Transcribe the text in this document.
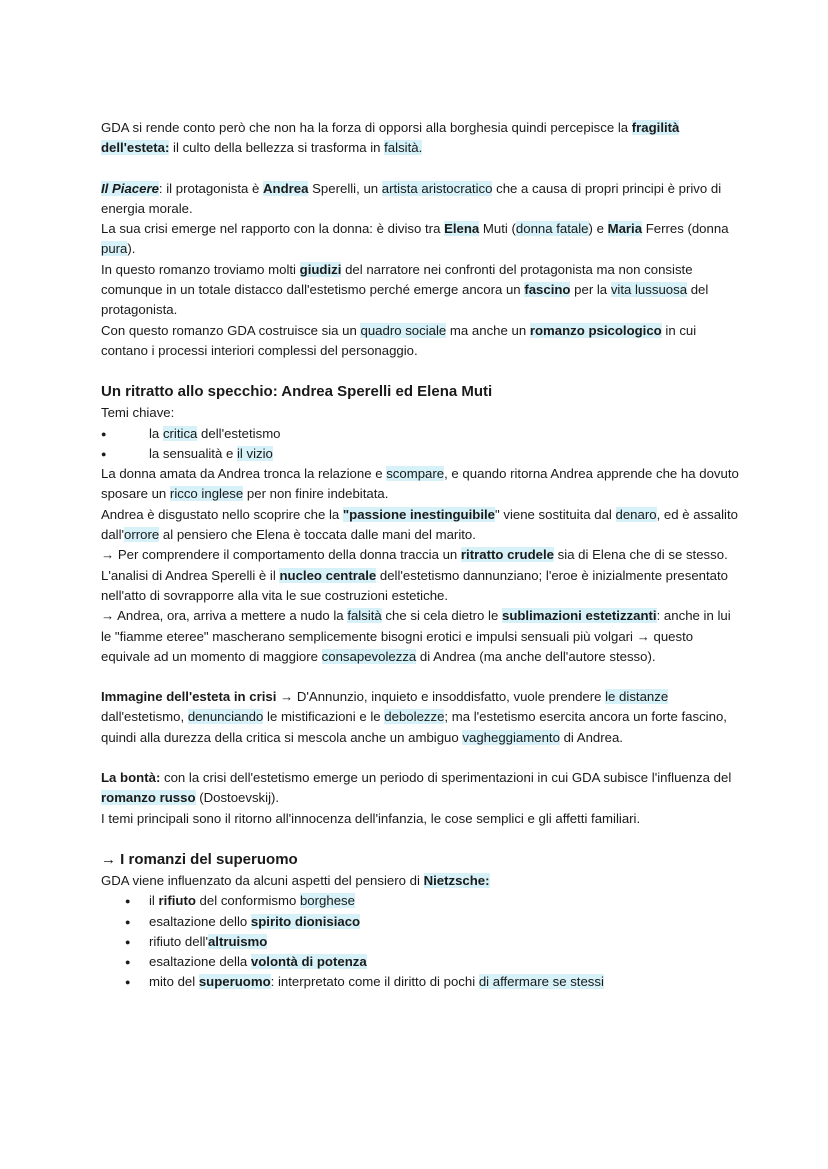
GDA si rende conto però che non ha la forza di opporsi alla borghesia quindi percepisce la fragilità dell'esteta: il culto della bellezza si trasforma in falsità.

Il Piacere: il protagonista è Andrea Sperelli, un artista aristocratico che a causa di propri principi è privo di energia morale.

La sua crisi emerge nel rapporto con la donna: è diviso tra Elena Muti (donna fatale) e Maria Ferres (donna pura).

In questo romanzo troviamo molti giudizi del narratore nei confronti del protagonista ma non consiste comunque in un totale distacco dall'estetismo perché emerge ancora un fascino per la vita lussuosa del protagonista.

Con questo romanzo GDA costruisce sia un quadro sociale ma anche un romanzo psicologico in cui contano i processi interiori complessi del personaggio.

Un ritratto allo specchio: Andrea Sperelli ed Elena Muti

Temi chiave:

● la critica dell'estetismo
● la sensualità e il vizio

La donna amata da Andrea tronca la relazione e scompare, e quando ritorna Andrea apprende che ha dovuto sposare un ricco inglese per non finire indebitata.

Andrea è disgustato nello scoprire che la "passione inestinguibile" viene sostituita dal denaro, ed è assalito dall'orrore al pensiero che Elena è toccata dalle mani del marito.

→ Per comprendere il comportamento della donna traccia un ritratto crudele sia di Elena che di se stesso.

L'analisi di Andrea Sperelli è il nucleo centrale dell'estetismo dannunziano; l'eroe è inizialmente presentato nell'atto di sovrapporre alla vita le sue costruzioni estetiche.

→ Andrea, ora, arriva a mettere a nudo la falsità che si cela dietro le sublimazioni estetizzanti: anche in lui le "fiamme eteree" mascherano semplicemente bisogni erotici e impulsi sensuali più volgari → questo equivale ad un momento di maggiore consapevolezza di Andrea (ma anche dell'autore stesso).

Immagine dell'esteta in crisi → D'Annunzio, inquieto e insoddisfatto, vuole prendere le distanze dall'estetismo, denunciando le mistificazioni e le debolezze; ma l'estetismo esercita ancora un forte fascino, quindi alla durezza della critica si mescola anche un ambiguo vagheggiamento di Andrea.

La bontà: con la crisi dell'estetismo emerge un periodo di sperimentazioni in cui GDA subisce l'influenza del romanzo russo (Dostoevskij).

I temi principali sono il ritorno all'innocenza dell'infanzia, le cose semplici e gli affetti familiari.

→ I romanzi del superuomo

GDA viene influenzato da alcuni aspetti del pensiero di Nietzsche:

● il rifiuto del conformismo borghese
● esaltazione dello spirito dionisiaco
● rifiuto dell'altruismo
● esaltazione della volontà di potenza
● mito del superuomo: interpretato come il diritto di pochi di affermare se stessi
